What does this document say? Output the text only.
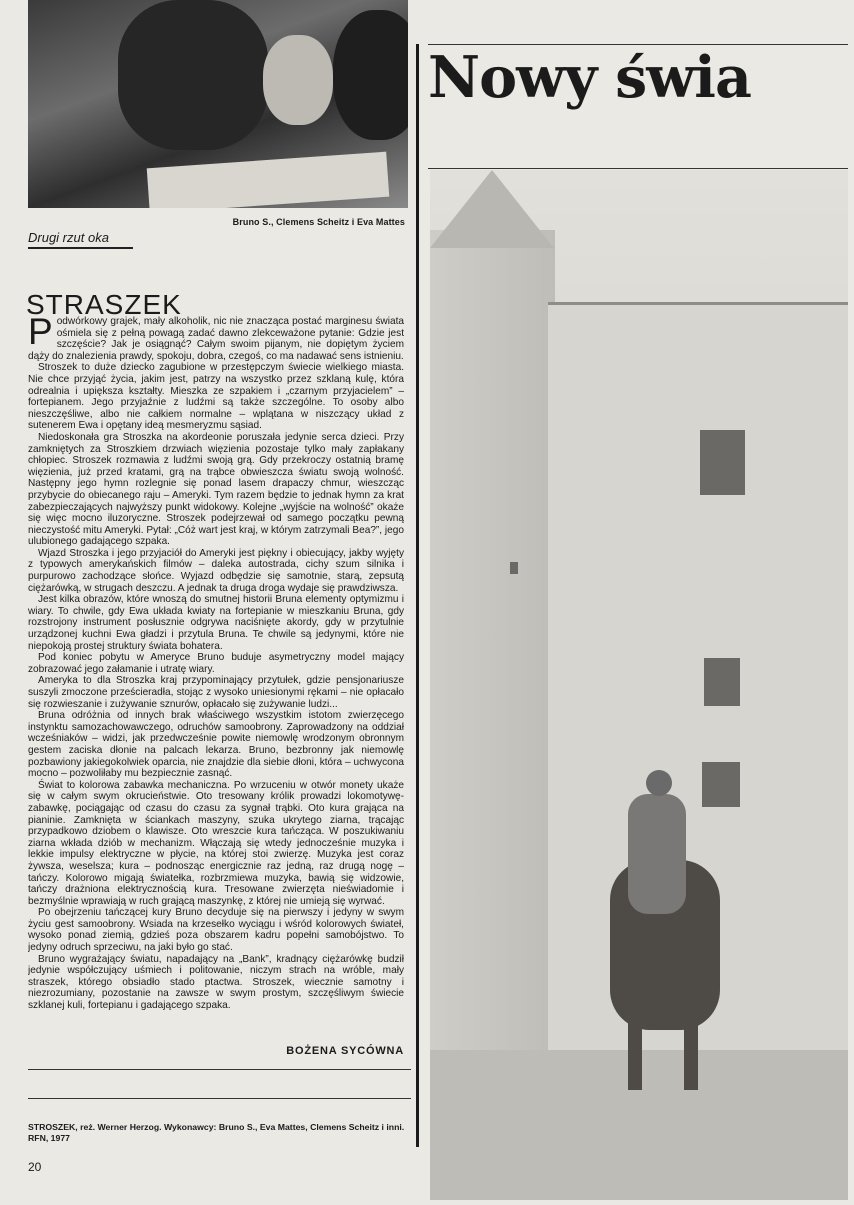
Bruno S., Clemens Scheitz i Eva Mattes
Drugi rzut oka
STRASZEK

Podwórkowy grajek, mały alkoholik, nic nie znacząca postać marginesu świata ośmiela się z pełną powagą zadać dawno zlekceważone pytanie: Gdzie jest szczęście? Jak je osiągnąć? Całym swoim pijanym, nie dopiętym życiem dąży do znalezienia prawdy, spokoju, dobra, czegoś, co ma nadawać sens istnieniu.

Stroszek to duże dziecko zagubione w przestępczym świecie wielkiego miasta. Nie chce przyjąć życia, jakim jest, patrzy na wszystko przez szklaną kulę, która odrealnia i upiększa kształty. Mieszka ze szpakiem i „czarnym przyjacielem” – fortepianem. Jego przyjaźnie z ludźmi są także szczególne. To osoby albo nieszczęśliwe, albo nie całkiem normalne – wplątana w niszczący układ z sutenerem Ewa i opętany ideą mesmeryzmu sąsiad.

Niedoskonała gra Stroszka na akordeonie poruszała jedynie serca dzieci. Przy zamkniętych za Stroszkiem drzwiach więzienia pozostaje tylko mały zapłakany chłopiec. Stroszek rozmawia z ludźmi swoją grą. Gdy przekroczy ostatnią bramę więzienia, już przed kratami, grą na trąbce obwieszcza światu swoją wolność. Następny jego hymn rozlegnie się ponad lasem drapaczy chmur, wieszcząc przybycie do obiecanego raju – Ameryki. Tym razem będzie to jednak hymn za krat zabezpieczających najwyższy punkt widokowy. Kolejne „wyjście na wolność” okaże się więc mocno iluzoryczne. Stroszek podejrzewał od samego początku pewną nieczystość mitu Ameryki. Pytał: „Cóż wart jest kraj, w którym zatrzymali Bea?”, jego ulubionego gadającego szpaka.

Wjazd Stroszka i jego przyjaciół do Ameryki jest piękny i obiecujący, jakby wyjęty z typowych amerykańskich filmów – daleka autostrada, cichy szum silnika i purpurowo zachodzące słońce. Wyjazd odbędzie się samotnie, starą, zepsutą ciężarówką, w strugach deszczu. A jednak ta druga droga wydaje się prawdziwsza.

Jest kilka obrazów, które wnoszą do smutnej historii Bruna elementy optymizmu i wiary. To chwile, gdy Ewa układa kwiaty na fortepianie w mieszkaniu Bruna, gdy rozstrojony instrument posłusznie odgrywa naciśnięte akordy, gdy w przytulnie urządzonej kuchni Ewa gładzi i przytula Bruna. Te chwile są jedynymi, które nie niepokoją prostej struktury świata bohatera.

Pod koniec pobytu w Ameryce Bruno buduje asymetryczny model mający zobrazować jego załamanie i utratę wiary.

Ameryka to dla Stroszka kraj przypominający przytułek, gdzie pensjonariusze suszyli zmoczone prześcieradła, stojąc z wysoko uniesionymi rękami – nie opłacało się rozwieszanie i zużywanie sznurów, opłacało się zużywanie ludzi...

Bruna odróżnia od innych brak właściwego wszystkim istotom zwierzęcego instynktu samozachowawczego, odruchów samoobrony. Zaprowadzony na oddział wcześniaków – widzi, jak przedwcześnie powite niemowlę wrodzonym obronnym gestem zaciska dłonie na palcach lekarza. Bruno, bezbronny jak niemowlę pozbawiony jakiegokolwiek oparcia, nie znajdzie dla siebie dłoni, która – uchwycona mocno – pozwoliłaby mu bezpiecznie zasnąć.

Świat to kolorowa zabawka mechaniczna. Po wrzuceniu w otwór monety ukaże się w całym swym okrucieństwie. Oto tresowany królik prowadzi lokomotywę-zabawkę, pociągając od czasu do czasu za sygnał trąbki. Oto kura grająca na pianinie. Zamknięta w ściankach maszyny, szuka ukrytego ziarna, trącając przypadkowo dziobem o klawisze. Oto wreszcie kura tańcząca. W poszukiwaniu ziarna wkłada dziób w mechanizm. Włączają się wtedy jednocześnie muzyka i lekkie impulsy elektryczne w płycie, na której stoi zwierzę. Muzyka jest coraz żywsza, weselsza; kura – podnosząc energicznie raz jedną, raz drugą nogę – tańczy. Kolorowo migają światełka, rozbrzmiewa muzyka, bawią się widzowie, tańczy drażniona elektrycznością kura. Tresowane zwierzęta nieświadomie i bezmyślnie wprawiają w ruch grającą maszynkę, z której nie umieją się wyrwać.

Po obejrzeniu tańczącej kury Bruno decyduje się na pierwszy i jedyny w swym życiu gest samoobrony. Wsiada na krzesełko wyciągu i wśród kolorowych świateł, wysoko ponad ziemią, gdzieś poza obszarem kadru popełni samobójstwo. To jedyny odruch sprzeciwu, na jaki było go stać.

Bruno wygrażający światu, napadający na „Bank”, kradnący ciężarówkę budził jedynie współczujący uśmiech i politowanie, niczym strach na wróble, mały straszek, którego obsiadło stado ptactwa. Stroszek, wiecznie samotny i niezrozumiany, pozostanie na zawsze w swym prostym, szczęśliwym świecie szklanej kuli, fortepianu i gadającego szpaka.

BOŻENA SYCÓWNA
STROSZEK, reż. Werner Herzog. Wykonawcy: Bruno S., Eva Mattes, Clemens Scheitz i inni. RFN, 1977
20
Nowy świa
